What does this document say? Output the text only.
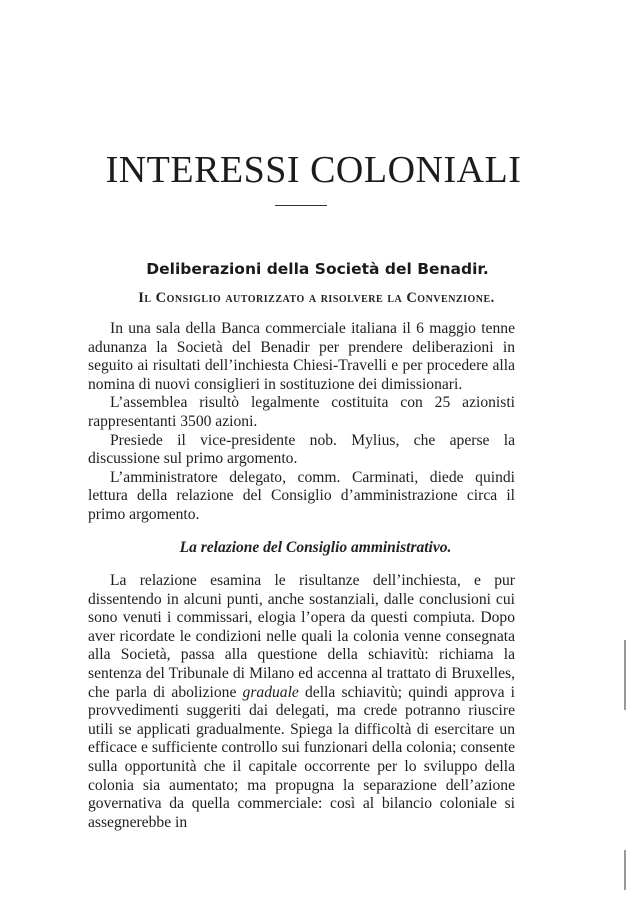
INTERESSI COLONIALI
Deliberazioni della Società del Benadir.
Il Consiglio autorizzato a risolvere la Convenzione.

In una sala della Banca commerciale italiana il 6 maggio tenne adunanza la Società del Benadir per prendere deliberazioni in seguito ai risultati dell’inchiesta Chiesi-Travelli e per procedere alla nomina di nuovi consiglieri in sostituzione dei dimissionari.

L’assemblea risultò legalmente costituita con 25 azionisti rappresentanti 3500 azioni.

Presiede il vice-presidente nob. Mylius, che aperse la discussione sul primo argomento.

L’amministratore delegato, comm. Carminati, diede quindi lettura della relazione del Consiglio d’amministrazione circa il primo argomento.

La relazione del Consiglio amministrativo.

La relazione esamina le risultanze dell’inchiesta, e pur dissentendo in alcuni punti, anche sostanziali, dalle conclusioni cui sono venuti i commissari, elogia l’opera da questi compiuta. Dopo aver ricordate le condizioni nelle quali la colonia venne consegnata alla Società, passa alla questione della schiavitù: richiama la sentenza del Tribunale di Milano ed accenna al trattato di Bruxelles, che parla di abolizione graduale della schiavitù; quindi approva i provvedimenti suggeriti dai delegati, ma crede potranno riuscire utili se applicati gradualmente. Spiega la difficoltà di esercitare un efficace e sufficiente controllo sui funzionari della colonia; consente sulla opportunità che il capitale occorrente per lo sviluppo della colonia sia aumentato; ma propugna la separazione dell’azione governativa da quella commerciale: così al bilancio coloniale si assegnerebbe in
